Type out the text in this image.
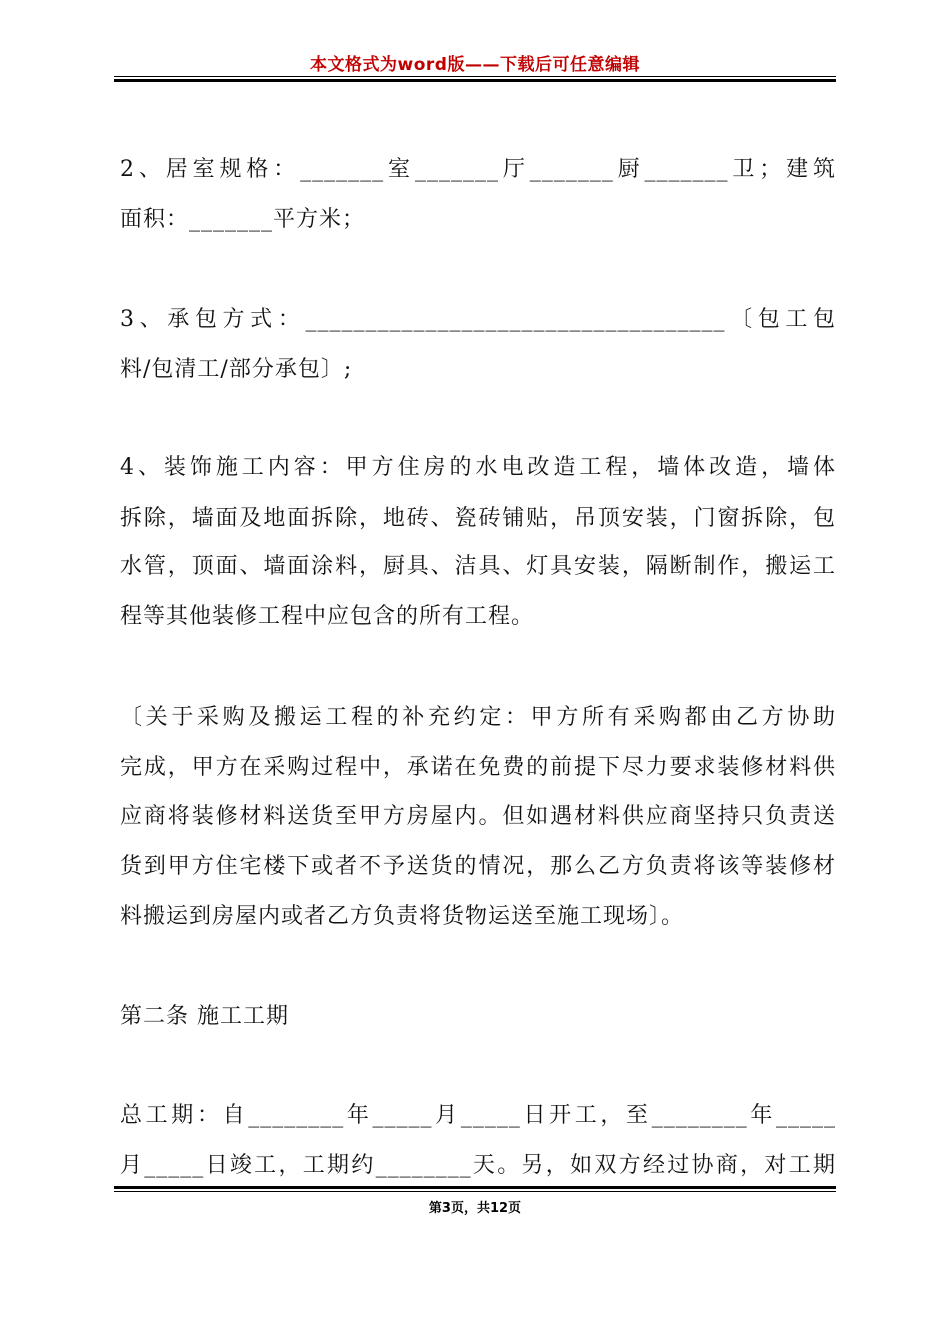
本文格式为word版——下载后可任意编辑
2、居室规格：_______室_______厅_______厨_______卫；建筑
面积：_______平方米；
3、承包方式：___________________________________〔包工包
料/包清工/部分承包〕;
4、装饰施工内容：甲方住房的水电改造工程，墙体改造，墙体
拆除，墙面及地面拆除，地砖、瓷砖铺贴，吊顶安装，门窗拆除，包
水管，顶面、墙面涂料，厨具、洁具、灯具安装，隔断制作，搬运工
程等其他装修工程中应包含的所有工程。
〔关于采购及搬运工程的补充约定：甲方所有采购都由乙方协助
完成，甲方在采购过程中，承诺在免费的前提下尽力要求装修材料供
应商将装修材料送货至甲方房屋内。但如遇材料供应商坚持只负责送
货到甲方住宅楼下或者不予送货的情况，那么乙方负责将该等装修材
料搬运到房屋内或者乙方负责将货物运送至施工现场〕。
第二条 施工工期
总工期：自________年_____月_____日开工，至________年_____
月_____日竣工，工期约________天。另，如双方经过协商，对工期
第3页，共12页
